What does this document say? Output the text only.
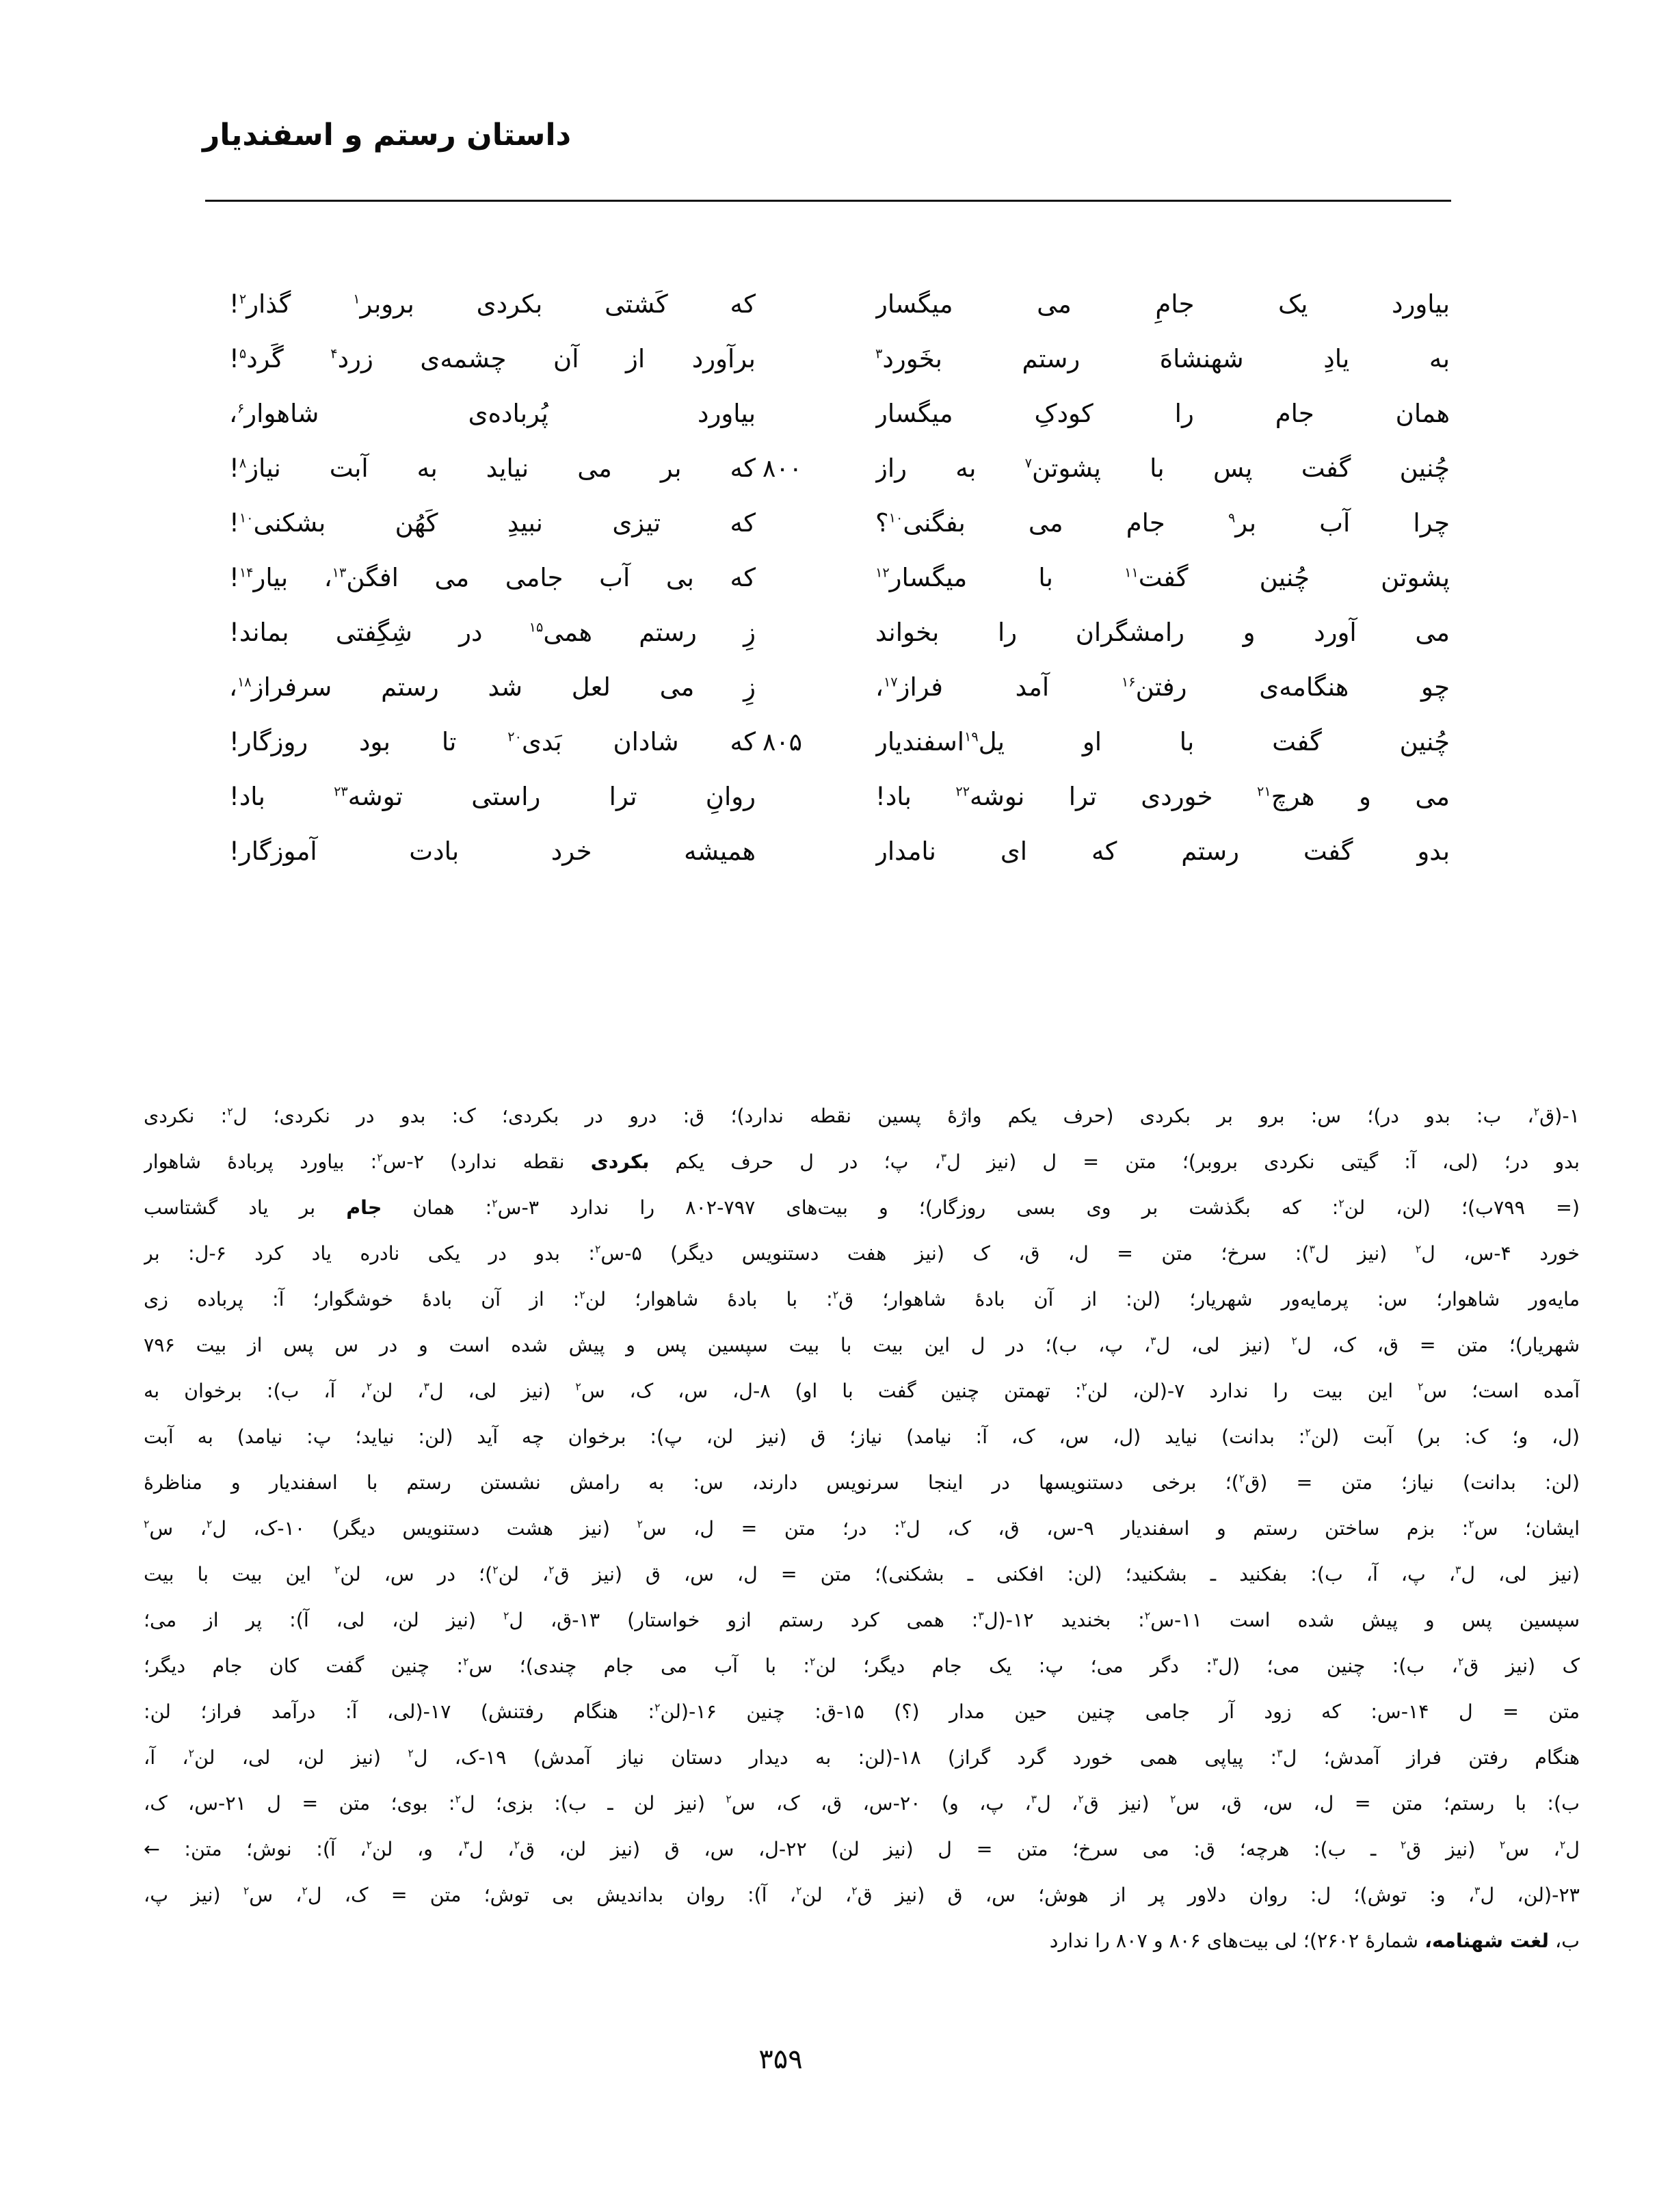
داستان رستم و اسفندیار
بیاورد یک جامِ می میگسار
که کَشتی بکردی بروبر$^۱$ گذار$^۲$!
به یادِ شهنشاهَ رستم بخَورد$^۳$
برآورد از آن چشمه‌ی زرد$^۴$ گَرد$^۵$!
همان جام را کودکِ میگسار
بیاورد پُرباده‌ی شاهوار$^۶$،
چُنین گفت پس با پشوتن$^۷$ به راز
۸۰۰
که بر می نیاید به آبت نیاز$^۸$!
چرا آب بر$^۹$ جام می بفگنی$^{۱۰}$؟
که تیزی نبیدِ کَهُن بشکنی$^{۱۰}$!
پشوتن چُنین گفت$^{۱۱}$ با میگسار$^{۱۲}$
که بی آب جامی می افگن$^{۱۳}$، بیار$^{۱۴}$!
می آورد و رامشگران را بخواند
زِ رستم همی$^{۱۵}$ در شِگِفتی بماند!
چو هنگامه‌ی رفتن$^{۱۶}$ آمد فراز$^{۱۷}$،
زِ می لعل شد رستم سرفراز$^{۱۸}$،
چُنین گفت با او یل$^{۱۹}$اسفندیار
۸۰۵
که شادان بَدی$^{۲۰}$ تا بود روزگار!
می و هرچ$^{۲۱}$ خوردی ترا نوشه$^{۲۲}$ باد!
روانِ ترا راستی توشه$^{۲۳}$ باد!
بدو گفت رستم که ای نامدار
همیشه خرد بادت آموزگار!
۱-(ق$^۲$، ب: بدو در)؛ س: برو بر بکردی (حرف یکم واژهٔ پسین نقطه ندارد)؛ ق: درو در بکردی؛ ک: بدو در نکردی؛ ل$^۲$: نکردی
بدو در؛ (لی، آ: گیتی نکردی بروبر)؛ متن = ل (نیز ل$^۳$، پ؛ در ل حرف یکم بکردی نقطه ندارد) ۲-س$^۲$: بیاورد پربادهٔ شاهوار
(= ۷۹۹ب)؛ (لن، لن$^۲$: که بگذشت بر وی بسی روزگار)؛ و بیت‌های ۷۹۷-۸۰۲ را ندارد ۳-س$^۲$: همان جام بر یاد گشتاسب
خورد ۴-س، ل$^۲$ (نیز ل$^۳$): سرخ؛ متن = ل، ق، ک (نیز هفت دستنویس دیگر) ۵-س$^۲$: بدو در یکی نادره یاد کرد ۶-ل: بر
مایه‌ور شاهوار؛ س: پرمایه‌ور شهریار؛ (لن: از آن بادهٔ شاهوار؛ ق$^۲$: با بادهٔ شاهوار؛ لن$^۲$: از آن بادهٔ خوشگوار؛ آ: پرباده زی
شهریار)؛ متن = ق، ک، ل$^۲$ (نیز لی، ل$^۳$، پ، ب)؛ در ل این بیت با بیت سپسین پس و پیش شده است و در س پس از بیت ۷۹۶
آمده است؛ س$^۲$ این بیت را ندارد ۷-(لن، لن$^۲$: تهمتن چنین گفت با او) ۸-ل، س، ک، س$^۲$ (نیز لی، ل$^۳$، لن$^۲$، آ، ب): برخوان به
(ل، و؛ ک: بر) آبت (لن$^۲$: بدانت) نیاید (ل، س، ک، آ: نیامد) نیاز؛ ق (نیز لن، پ): برخوان چه آید (لن: نیاید؛ پ: نیامد) به آبت
(لن: بدانت) نیاز؛ متن = (ق$^۲$)؛ برخی دستنویسها در اینجا سرنویس دارند، س: به رامش نشستن رستم با اسفندیار و مناظرهٔ
ایشان؛ س$^۲$: بزم ساختن رستم و اسفندیار ۹-س، ق، ک، ل$^۲$: در؛ متن = ل، س$^۲$ (نیز هشت دستنویس دیگر) ۱۰-ک، ل$^۲$، س$^۲$
(نیز لی، ل$^۳$، پ، آ، ب): بفکنید ـ بشکنید؛ (لن: افکنی ـ بشکنی)؛ متن = ل، س، ق (نیز ق$^۲$، لن$^۲$)؛ در س، لن$^۲$ این بیت با بیت
سپسین پس و پیش شده است ۱۱-س$^۲$: بخندید ۱۲-(ل$^۳$: همی کرد رستم ازو خواستار) ۱۳-ق، ل$^۲$ (نیز لن، لی، آ): پر از می؛
ک (نیز ق$^۲$، ب): چنین می؛ (ل$^۳$: دگر می؛ پ: یک جام دیگر؛ لن$^۲$: با آب می جام چندی)؛ س$^۲$: چنین گفت کان جام دیگر؛
متن = ل ۱۴-س: که زود آر جامی چنین حین مدار (؟) ۱۵-ق: چنین ۱۶-(لن$^۲$: هنگام رفتنش) ۱۷-(لی، آ: درآمد فراز؛ لن:
هنگام رفتن فراز آمدش؛ ل$^۳$: پیاپی همی خورد گرد گراز) ۱۸-(لن: به دیدار دستان نیاز آمدش) ۱۹-ک، ل$^۲$ (نیز لن، لی، لن$^۲$، آ،
ب): با رستم؛ متن = ل، س، ق، س$^۲$ (نیز ق$^۲$، ل$^۳$، پ، و) ۲۰-س، ق، ک، س$^۲$ (نیز لن ـ ب): بزی؛ ل$^۲$: بوی؛ متن = ل ۲۱-س، ک،
ل$^۲$، س$^۲$ (نیز ق$^۲$ ـ ب): هرچه؛ ق: می سرخ؛ متن = ل (نیز لن) ۲۲-ل، س، ق (نیز لن، ق$^۲$، ل$^۳$، و، لن$^۲$، آ): نوش؛ متن: ←
۲۳-(لن، ل$^۳$، و: توش)؛ ل: روان دلاور پر از هوش؛ س، ق (نیز ق$^۲$، لن$^۲$، آ): روان بداندیش بی توش؛ متن = ک، ل$^۲$، س$^۲$ (نیز پ،
ب، لغت شهنامه، شمارهٔ ۲۶۰۲)؛ لی بیت‌های ۸۰۶ و ۸۰۷ را ندارد
۳۵۹
